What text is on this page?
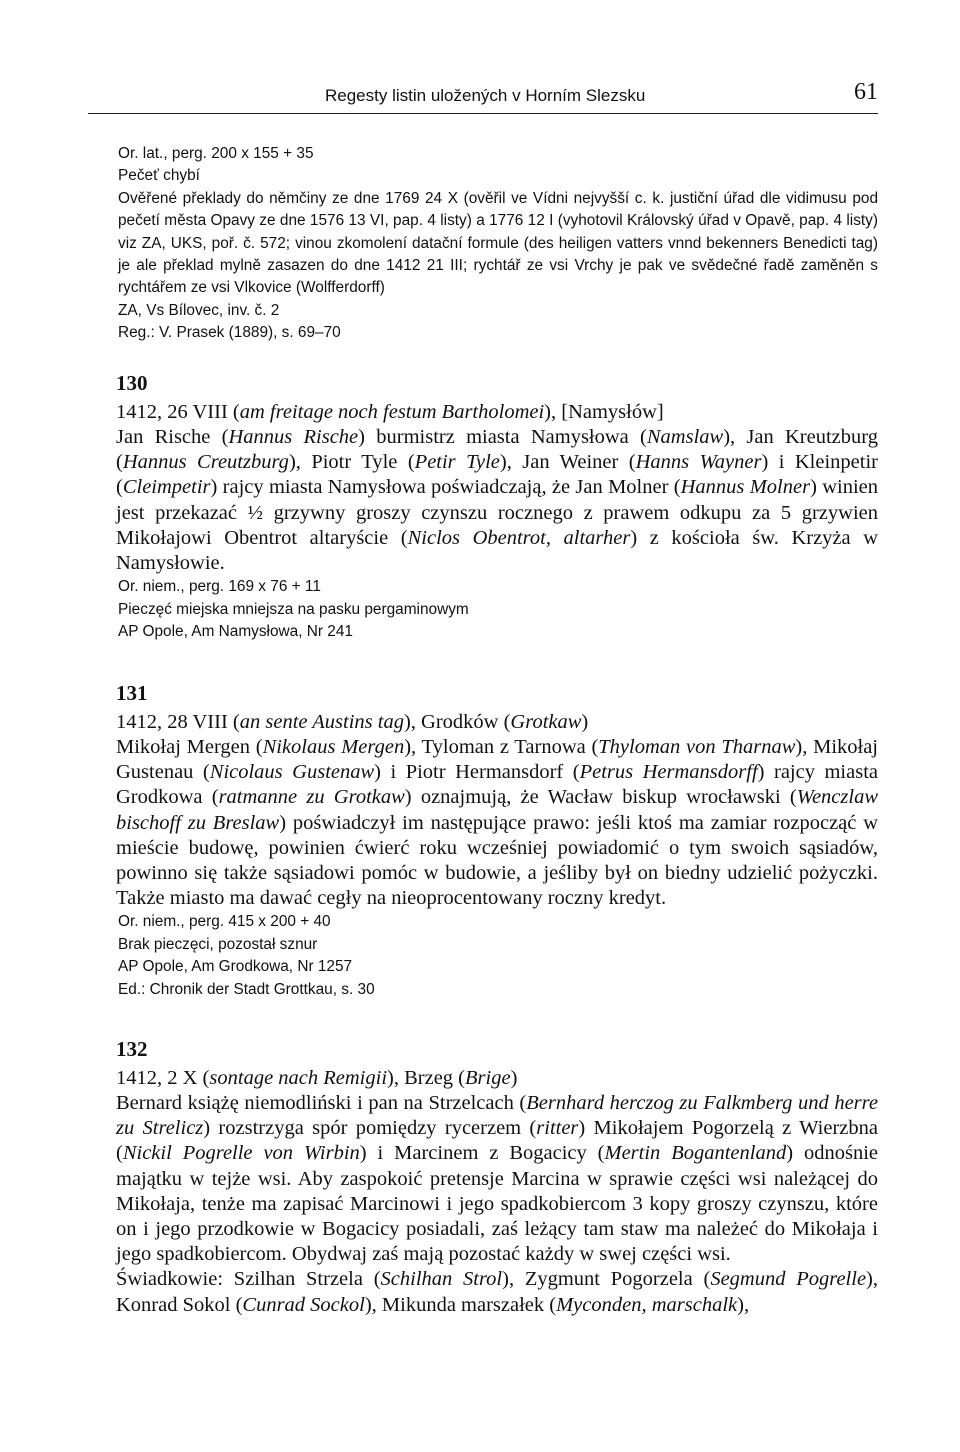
Regesty listin uložených v Horním Slezsku	61
Or. lat., perg. 200 x 155 + 35
Pečeť chybí
Ověřené překlady do němčiny ze dne 1769 24 X (ověřil ve Vídni nejvyšší c. k. justiční úřad dle vidimusu pod pečetí města Opavy ze dne 1576 13 VI, pap. 4 listy) a 1776 12 I (vyhotovil Královský úřad v Opavě, pap. 4 listy) viz ZA, UKS, poř. č. 572; vinou zkomolení datační formule (des heiligen vatters vnnd bekenners Benedicti tag) je ale překlad mylně zasazen do dne 1412 21 III; rychtář ze vsi Vrchy je pak ve svědečné řadě zaměněn s rychtářem ze vsi Vlkovice (Wolfferdorff)
ZA, Vs Bílovec, inv. č. 2
Reg.: V. Prasek (1889), s. 69–70
130
1412, 26 VIII (am freitage noch festum Bartholomei), [Namysłów]

Jan Rische (Hannus Rische) burmistrz miasta Namysłowa (Namslaw), Jan Kreutzburg (Hannus Creutzburg), Piotr Tyle (Petir Tyle), Jan Weiner (Hanns Wayner) i Kleinpetir (Cleimpetir) rajcy miasta Namysłowa poświadczają, że Jan Molner (Hannus Molner) winien jest przekazać ½ grzywny groszy czynszu rocznego z prawem odkupu za 5 grzywien Mikołajowi Obentrot altaryście (Niclos Obentrot, altarher) z kościoła św. Krzyża w Namysłowie.

Or. niem., perg. 169 x 76 + 11
Pieczęć miejska mniejsza na pasku pergaminowym
AP Opole, Am Namysłowa, Nr 241
131
1412, 28 VIII (an sente Austins tag), Grodków (Grotkaw)

Mikołaj Mergen (Nikolaus Mergen), Tyloman z Tarnowa (Thyloman von Tharnaw), Mikołaj Gustenau (Nicolaus Gustenaw) i Piotr Hermansdorf (Petrus Hermansdorff) rajcy miasta Grodkowa (ratmanne zu Grotkaw) oznajmują, że Wacław biskup wrocławski (Wenczlaw bischoff zu Breslaw) poświadczył im następujące prawo: jeśli ktoś ma zamiar rozpocząć w mieście budowę, powinien ćwierć roku wcześniej powiadomić o tym swoich sąsiadów, powinno się także sąsiadowi pomóc w budowie, a jeśliby był on biedny udzielić pożyczki. Także miasto ma dawać cegły na nieoprocentowany roczny kredyt.

Or. niem., perg. 415 x 200 + 40
Brak pieczęci, pozostał sznur
AP Opole, Am Grodkowa, Nr 1257
Ed.: Chronik der Stadt Grottkau, s. 30
132
1412, 2 X (sontage nach Remigii), Brzeg (Brige)

Bernard książę niemodliński i pan na Strzelcach (Bernhard herczog zu Falkmberg und herre zu Strelicz) rozstrzyga spór pomiędzy rycerzem (ritter) Mikołajem Pogorzelą z Wierzbna (Nickil Pogrelle von Wirbin) i Marcinem z Bogacicy (Mertin Bogantenland) odnośnie majątku w tejże wsi. Aby zaspokoić pretensje Marcina w sprawie części wsi należącej do Mikołaja, tenże ma zapisać Marcinowi i jego spadkobiercom 3 kopy groszy czynszu, które on i jego przodkowie w Bogacicy posiadali, zaś leżący tam staw ma należeć do Mikołaja i jego spadkobiercom. Obydwaj zaś mają pozostać każdy w swej części wsi.

Świadkowie: Szilhan Strzela (Schilhan Strol), Zygmunt Pogorzela (Segmund Pogrelle), Konrad Sokol (Cunrad Sockol), Mikunda marszałek (Myconden, marschalk),
